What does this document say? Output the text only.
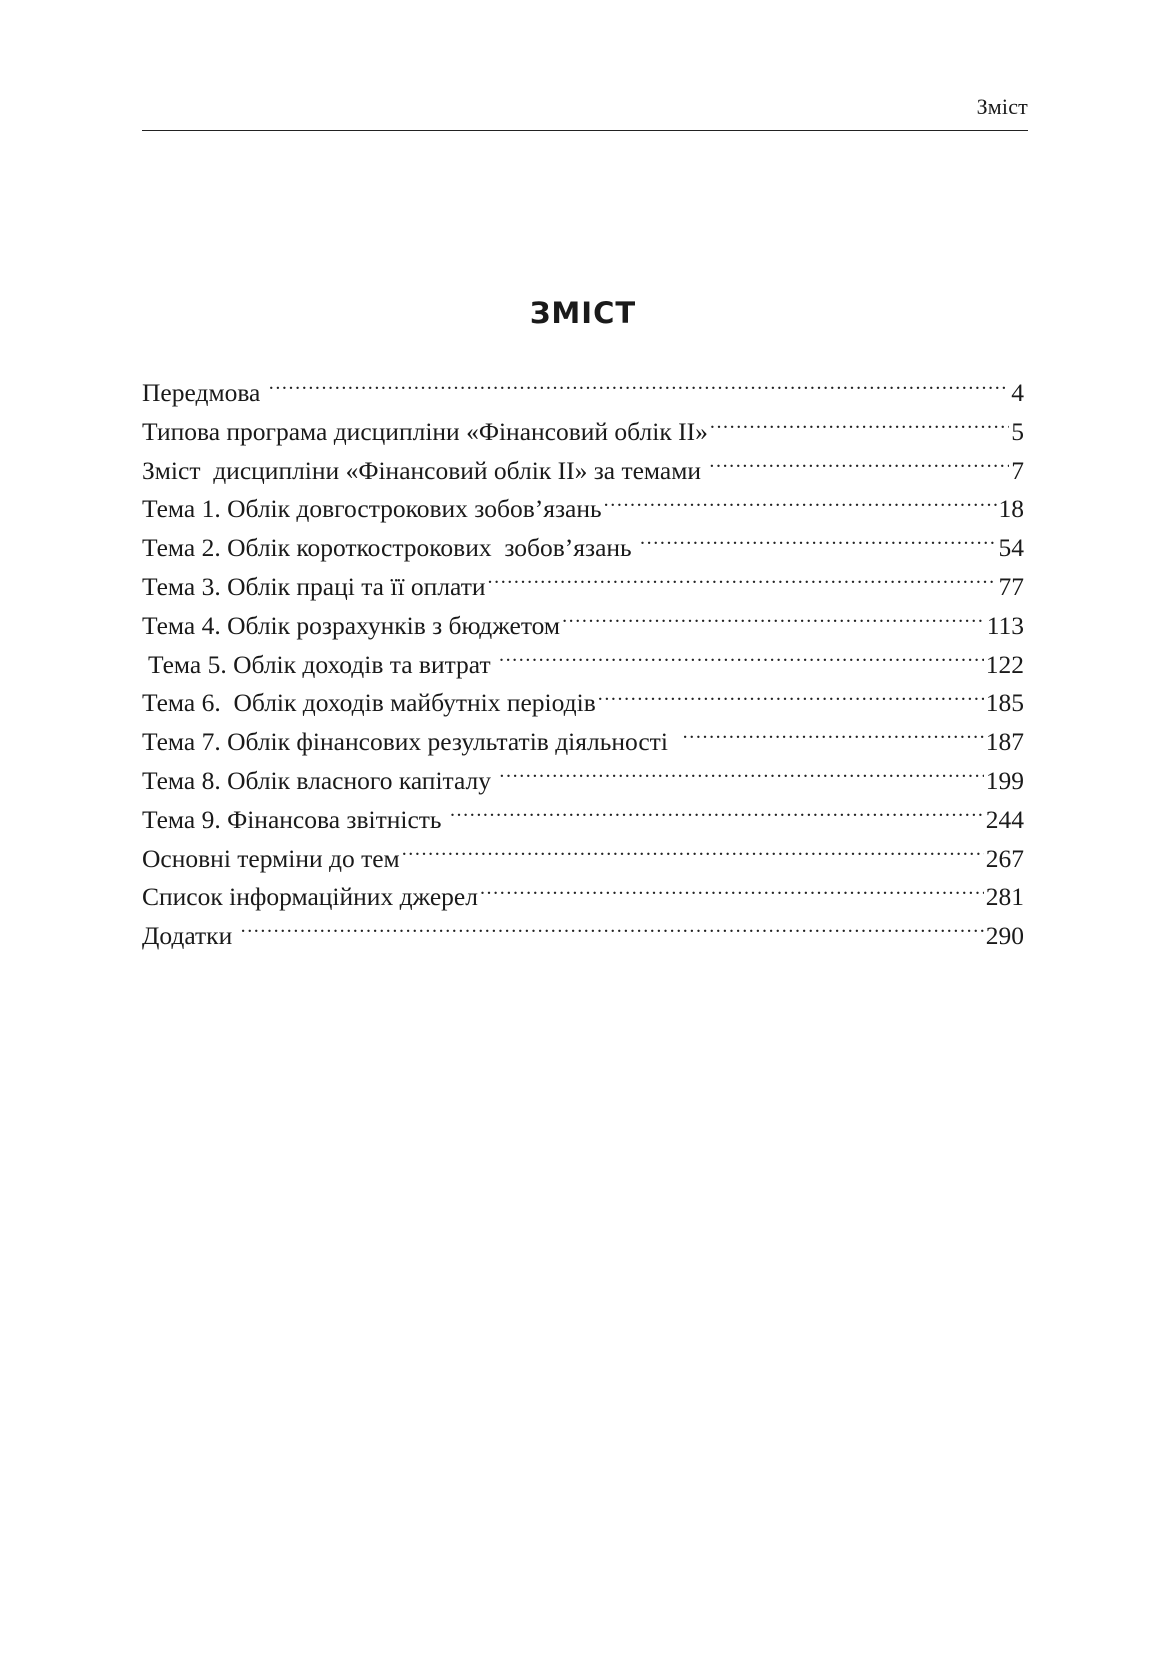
Зміст
ЗМІСТ
Передмова .....	4
Типова програма дисципліни «Фінансовий облік ІІ» .....	5
Зміст  дисципліни «Фінансовий облік ІІ» за темами .....	7
Тема 1. Облік довгострокових зобов’язань .....	18
Тема 2. Облік короткострокових  зобов’язань .....	54
Тема 3. Облік праці та її оплати .....	77
Тема 4. Облік розрахунків з бюджетом .....	113
Тема 5. Облік доходів та витрат .....	122
Тема 6.  Облік доходів майбутніх періодів .....	185
Тема 7. Облік фінансових результатів діяльності .....	187
Тема 8. Облік власного капіталу .....	199
Тема 9. Фінансова звітність .....	244
Основні терміни до тем .....	267
Список інформаційних джерел .....	281
Додатки .....	290
